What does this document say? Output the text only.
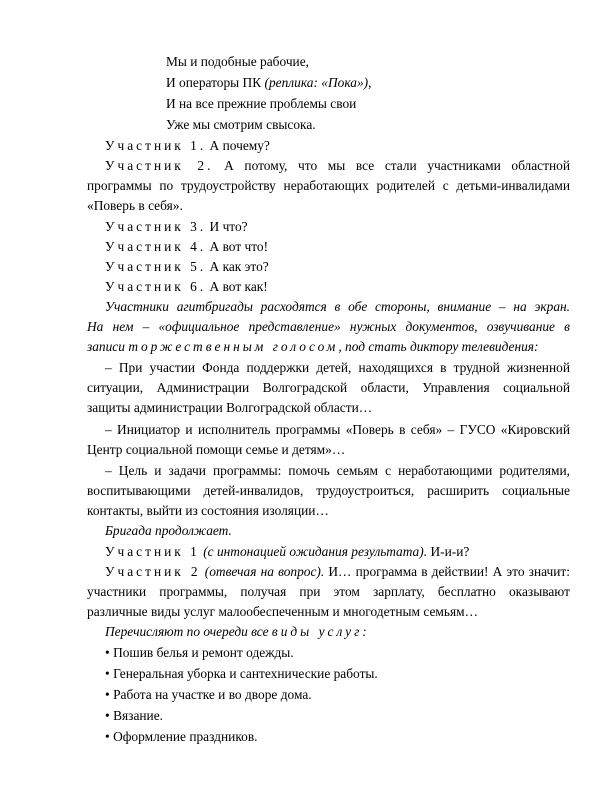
Мы и подобные рабочие,
И операторы ПК (реплика: «Пока»),
И на все прежние проблемы свои
Уже мы смотрим свысока.
Участник 1. А почему?
Участник 2. А потому, что мы все стали участниками областной
программы по трудоустройству неработающих родителей с детьми-инвалидами
«Поверь в себя».
Участник 3. И что?
Участник 4. А вот что!
Участник 5. А как это?
Участник 6. А вот как!
Участники агитбригады расходятся в обе стороны, внимание – на экран.
На нем – «официальное представление» нужных документов, озвучивание в
записи торжественным голосом, под стать диктору телевидения:
– При участии Фонда поддержки детей, находящихся в трудной жизненной
ситуации, Администрации Волгоградской области, Управления социальной
защиты администрации Волгоградской области…
– Инициатор и исполнитель программы «Поверь в себя» – ГУСО «Кировский
Центр социальной помощи семье и детям»…
– Цель и задачи программы: помочь семьям с неработающими родителями,
воспитывающими детей-инвалидов, трудоустроиться, расширить социальные
контакты, выйти из состояния изоляции…
Бригада продолжает.
Участник 1 (с интонацией ожидания результата). И-и-и?
Участник 2 (отвечая на вопрос). И… программа в действии! А это значит:
участники программы, получая при этом зарплату, бесплатно оказывают
различные виды услуг малообеспеченным и многодетным семьям…
Перечисляют по очереди все виды услуг:
• Пошив белья и ремонт одежды.
• Генеральная уборка и сантехнические работы.
• Работа на участке и во дворе дома.
• Вязание.
• Оформление праздников.
